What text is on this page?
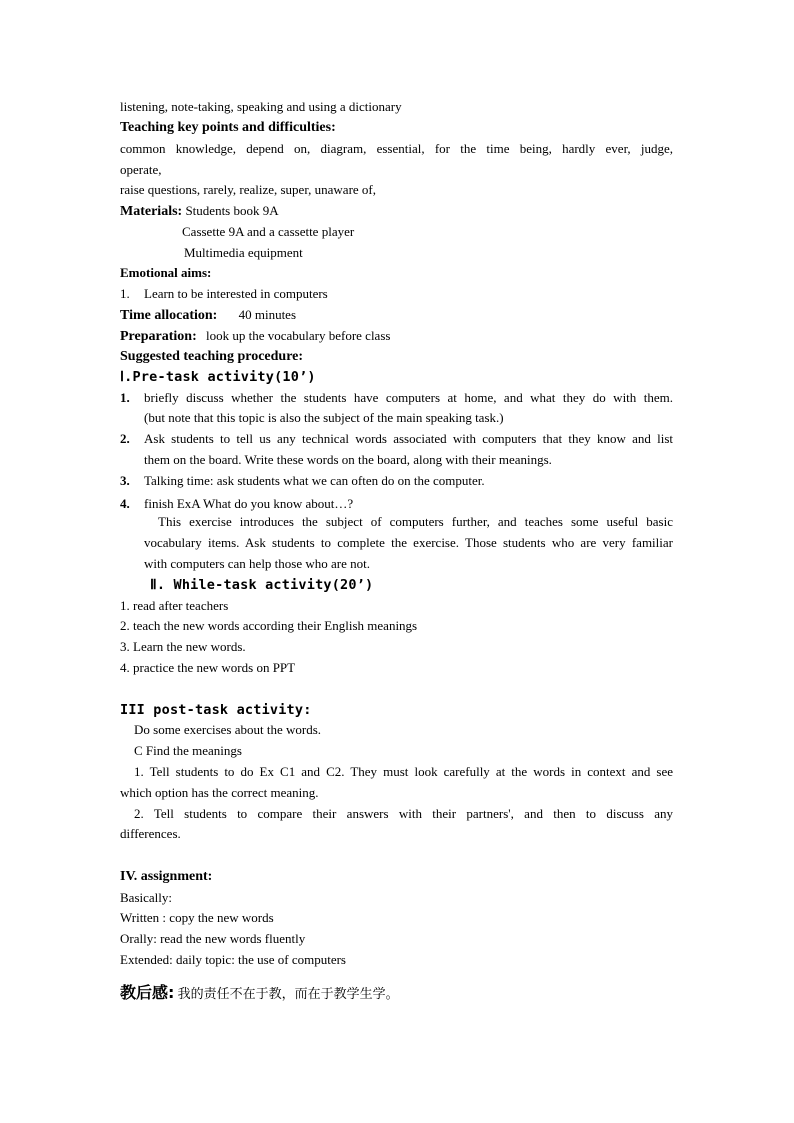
listening, note-taking, speaking and using a dictionary
Teaching key points and difficulties:
common knowledge, depend on, diagram, essential, for the time being, hardly ever, judge,
operate,
raise questions, rarely, realize, super, unaware of,
Materials: Students book 9A
Cassette 9A and a cassette player
Multimedia equipment
Emotional aims:
1. Learn to be interested in computers
Time allocation: 40 minutes
Preparation: look up the vocabulary before class
Suggested teaching procedure:
Ⅰ.Pre-task activity(10’)
1. briefly discuss whether the students have computers at home, and what they do with them.
(but note that this topic is also the subject of the main speaking task.)
2. Ask students to tell us any technical words associated with computers that they know and list
them on the board. Write these words on the board, along with their meanings.
3. Talking time: ask students what we can often do on the computer.
4. finish ExA What do you know about…?
This exercise introduces the subject of computers further, and teaches some useful basic
vocabulary items. Ask students to complete the exercise. Those students who are very familiar
with computers can help those who are not.
Ⅱ. While-task activity(20’)
1. read after teachers
2. teach the new words according their English meanings
3. Learn the new words.
4. practice the new words on PPT
III post-task activity:
Do some exercises about the words.
C Find the meanings
1. Tell students to do Ex C1 and C2. They must look carefully at the words in context and see
which option has the correct meaning.
2. Tell students to compare their answers with their partners', and then to discuss any
differences.
IV. assignment:
Basically:
Written : copy the new words
Orally: read the new words fluently
Extended: daily topic: the use of computers
教后感: 我的责任不在于教，而在于教学生学。
